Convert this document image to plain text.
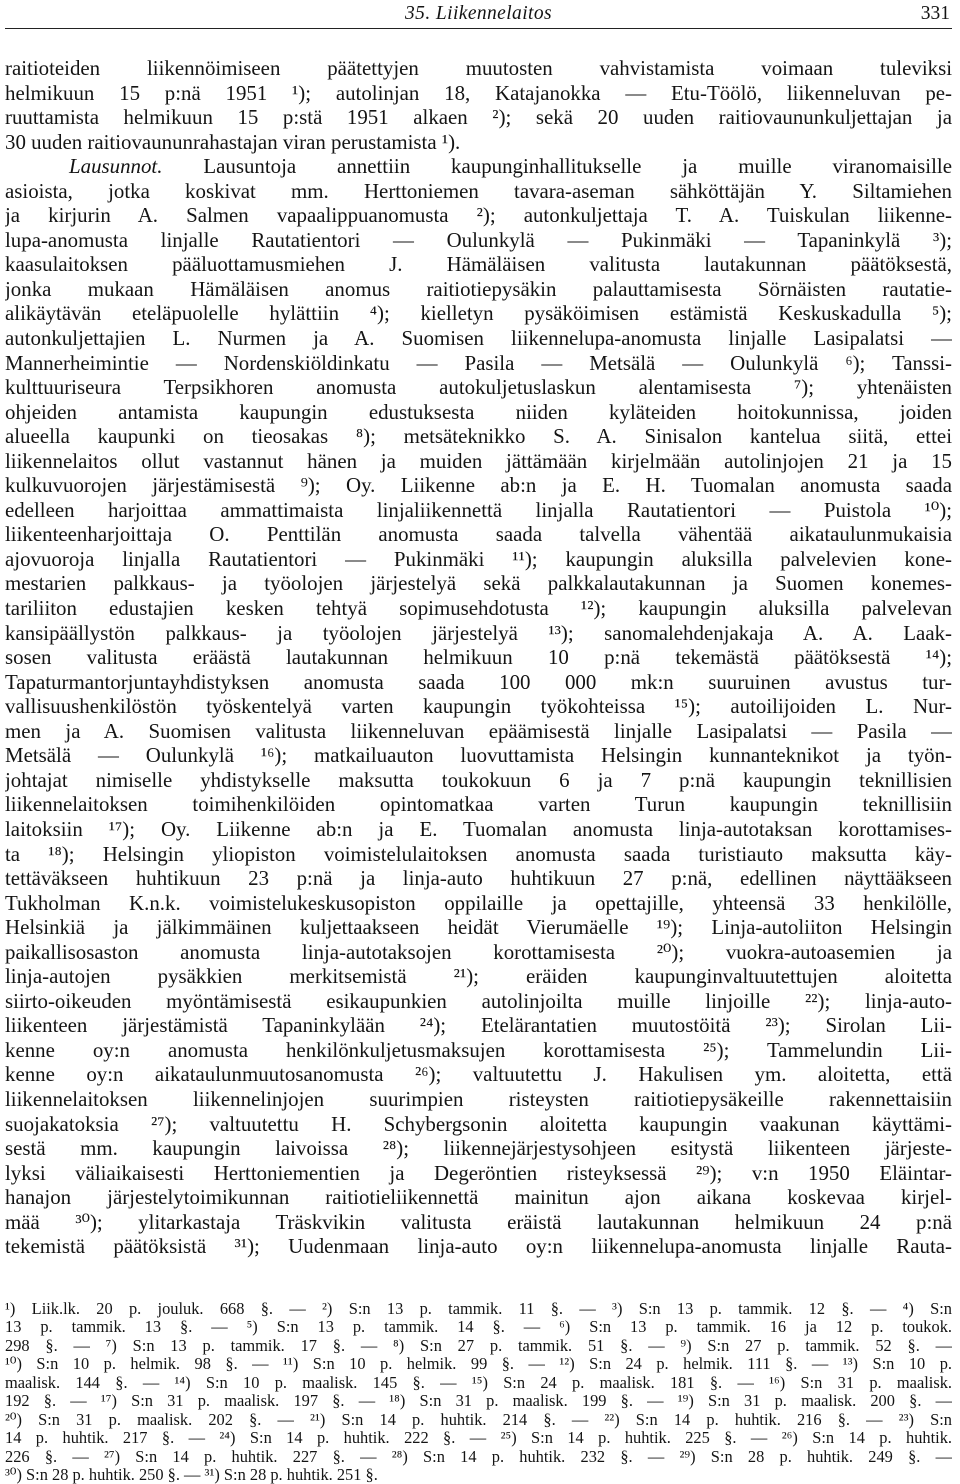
35. Liikennelaitos	331
raitioteiden liikennöimiseen päätettyjen muutosten vahvistamista voimaan tuleviksi
helmikuun 15 p:nä 1951 ¹); autolinjan 18, Katajanokka — Etu-Töölö, liikenneluvan pe-
ruuttamista helmikuun 15 p:stä 1951 alkaen ²); sekä 20 uuden raitiovaununkuljettajan ja
30 uuden raitiovaununrahastajan viran perustamista ¹).
Lausunnot. Lausuntoja annettiin kaupunginhallitukselle ja muille viranomaisille
asioista, jotka koskivat mm. Herttoniemen tavara-aseman sähköttäjän Y. Siltamiehen
ja kirjurin A. Salmen vapaalippuanomusta ²); autonkuljettaja T. A. Tuiskulan liikenne-
lupa-anomusta linjalle Rautatientori — Oulunkylä — Pukinmäki — Tapaninkylä ³);
kaasulaitoksen pääluottamusmiehen J. Hämäläisen valitusta lautakunnan päätöksestä,
jonka mukaan Hämäläisen anomus raitiotiepysäkin palauttamisesta Sörnäisten rautatie-
alikäytävän eteläpuolelle hylättiin ⁴); kielletyn pysäköimisen estämistä Keskuskadulla ⁵);
autonkuljettajien L. Nurmen ja A. Suomisen liikennelupa-anomusta linjalle Lasipalatsi —
Mannerheimintie — Nordenskiöldinkatu — Pasila — Metsälä — Oulunkylä ⁶); Tanssi-
kulttuuriseura Terpsikhoren anomusta autokuljetuslaskun alentamisesta ⁷); yhtenäisten
ohjeiden antamista kaupungin edustuksesta niiden kyläteiden hoitokunnissa, joiden
alueella kaupunki on tieosakas ⁸); metsäteknikko S. A. Sinisalon kantelua siitä, ettei
liikennelaitos ollut vastannut hänen ja muiden jättämään kirjelmään autolinjojen 21 ja 15
kulkuvuorojen järjestämisestä ⁹); Oy. Liikenne ab:n ja E. H. Tuomalan anomusta saada
edelleen harjoittaa ammattimaista linjaliikennettä linjalla Rautatientori — Puistola ¹⁰);
liikenteenharjoittaja O. Penttilän anomusta saada talvella vähentää aikataulunmukaisia
ajovuoroja linjalla Rautatientori — Pukinmäki ¹¹); kaupungin aluksilla palvelevien kone-
mestarien palkkaus- ja työolojen järjestelyä sekä palkkalautakunnan ja Suomen konemes-
tariliiton edustajien kesken tehtyä sopimusehdotusta ¹²); kaupungin aluksilla palvelevan
kansipäällystön palkkaus- ja työolojen järjestelyä ¹³); sanomalehdenjakaja A. A. Laak-
sosen valitusta eräästä lautakunnan helmikuun 10 p:nä tekemästä päätöksestä ¹⁴);
Tapaturmantorjuntayhdistyksen anomusta saada 100 000 mk:n suuruinen avustus tur-
vallisuushenkilöstön työskentelyä varten kaupungin työkohteissa ¹⁵); autoilijoiden L. Nur-
men ja A. Suomisen valitusta liikenneluvan epäämisestä linjalle Lasipalatsi — Pasila —
Metsälä — Oulunkylä ¹⁶); matkailuauton luovuttamista Helsingin kunnanteknikot ja työn-
johtajat nimiselle yhdistykselle maksutta toukokuun 6 ja 7 p:nä kaupungin teknillisien
liikennelaitoksen toimihenkilöiden opintomatkaa varten Turun kaupungin teknillisiin
laitoksiin ¹⁷); Oy. Liikenne ab:n ja E. Tuomalan anomusta linja-autotaksan korottamises-
ta ¹⁸); Helsingin yliopiston voimistelulaitoksen anomusta saada turistiauto maksutta käy-
tettäväkseen huhtikuun 23 p:nä ja linja-auto huhtikuun 27 p:nä, edellinen näyttääkseen
Tukholman K.n.k. voimistelukeskusopiston oppilaille ja opettajille, yhteensä 33 henkilölle,
Helsinkiä ja jälkimmäinen kuljettaakseen heidät Vierumäelle ¹⁹); Linja-autoliiton Helsingin
paikallisosaston anomusta linja-autotaksojen korottamisesta ²⁰); vuokra-autoasemien ja
linja-autojen pysäkkien merkitsemistä ²¹); eräiden kaupunginvaltuutettujen aloitetta
siirto-oikeuden myöntämisestä esikaupunkien autolinjoilta muille linjoille ²²); linja-auto-
liikenteen järjestämistä Tapaninkylään ²⁴); Etelärantatien muutostöitä ²³); Sirolan Lii-
kenne oy:n anomusta henkilönkuljetusmaksujen korottamisesta ²⁵); Tammelundin Lii-
kenne oy:n aikataulunmuutosanomusta ²⁶); valtuutettu J. Hakulisen ym. aloitetta, että
liikennelaitoksen liikennelinjojen suurimpien risteysten raitiotiepysäkeille rakennettaisiin
suojakatoksia ²⁷); valtuutettu H. Schybergsonin aloitetta kaupungin vaakunan käyttämi-
sestä mm. kaupungin laivoissa ²⁸); liikennejärjestysohjeen esitystä liikenteen järjeste-
lyksi väliaikaisesti Herttoniementien ja Degeröntien risteyksessä ²⁹); v:n 1950 Eläintar-
hanajon järjestelytoimikunnan raitiotieliikennettä mainitun ajon aikana koskevaa kirjel-
mää ³⁰); ylitarkastaja Träskvikin valitusta eräistä lautakunnan helmikuun 24 p:nä
tekemistä päätöksistä ³¹); Uudenmaan linja-auto oy:n liikennelupa-anomusta linjalle Rauta-
¹) Liik.lk. 20 p. jouluk. 668 §. — ²) S:n 13 p. tammik. 11 §. — ³) S:n 13 p. tammik. 12 §. — ⁴) S:n
13 p. tammik. 13 §. — ⁵) S:n 13 p. tammik. 14 §. — ⁶) S:n 13 p. tammik. 16 ja 12 p. toukok.
298 §. — ⁷) S:n 13 p. tammik. 17 §. — ⁸) S:n 27 p. tammik. 51 §. — ⁹) S:n 27 p. tammik. 52 §. —
¹⁰) S:n 10 p. helmik. 98 §. — ¹¹) S:n 10 p. helmik. 99 §. — ¹²) S:n 24 p. helmik. 111 §. — ¹³) S:n 10 p.
maalisk. 144 §. — ¹⁴) S:n 10 p. maalisk. 145 §. — ¹⁵) S:n 24 p. maalisk. 181 §. — ¹⁶) S:n 31 p. maalisk.
192 §. — ¹⁷) S:n 31 p. maalisk. 197 §. — ¹⁸) S:n 31 p. maalisk. 199 §. — ¹⁹) S:n 31 p. maalisk. 200 §. —
²⁰) S:n 31 p. maalisk. 202 §. — ²¹) S:n 14 p. huhtik. 214 §. — ²²) S:n 14 p. huhtik. 216 §. — ²³) S:n
14 p. huhtik. 217 §. — ²⁴) S:n 14 p. huhtik. 222 §. — ²⁵) S:n 14 p. huhtik. 225 §. — ²⁶) S:n 14 p. huhtik.
226 §. — ²⁷) S:n 14 p. huhtik. 227 §. — ²⁸) S:n 14 p. huhtik. 232 §. — ²⁹) S:n 28 p. huhtik. 249 §. —
³⁰) S:n 28 p. huhtik. 250 §. — ³¹) S:n 28 p. huhtik. 251 §.
